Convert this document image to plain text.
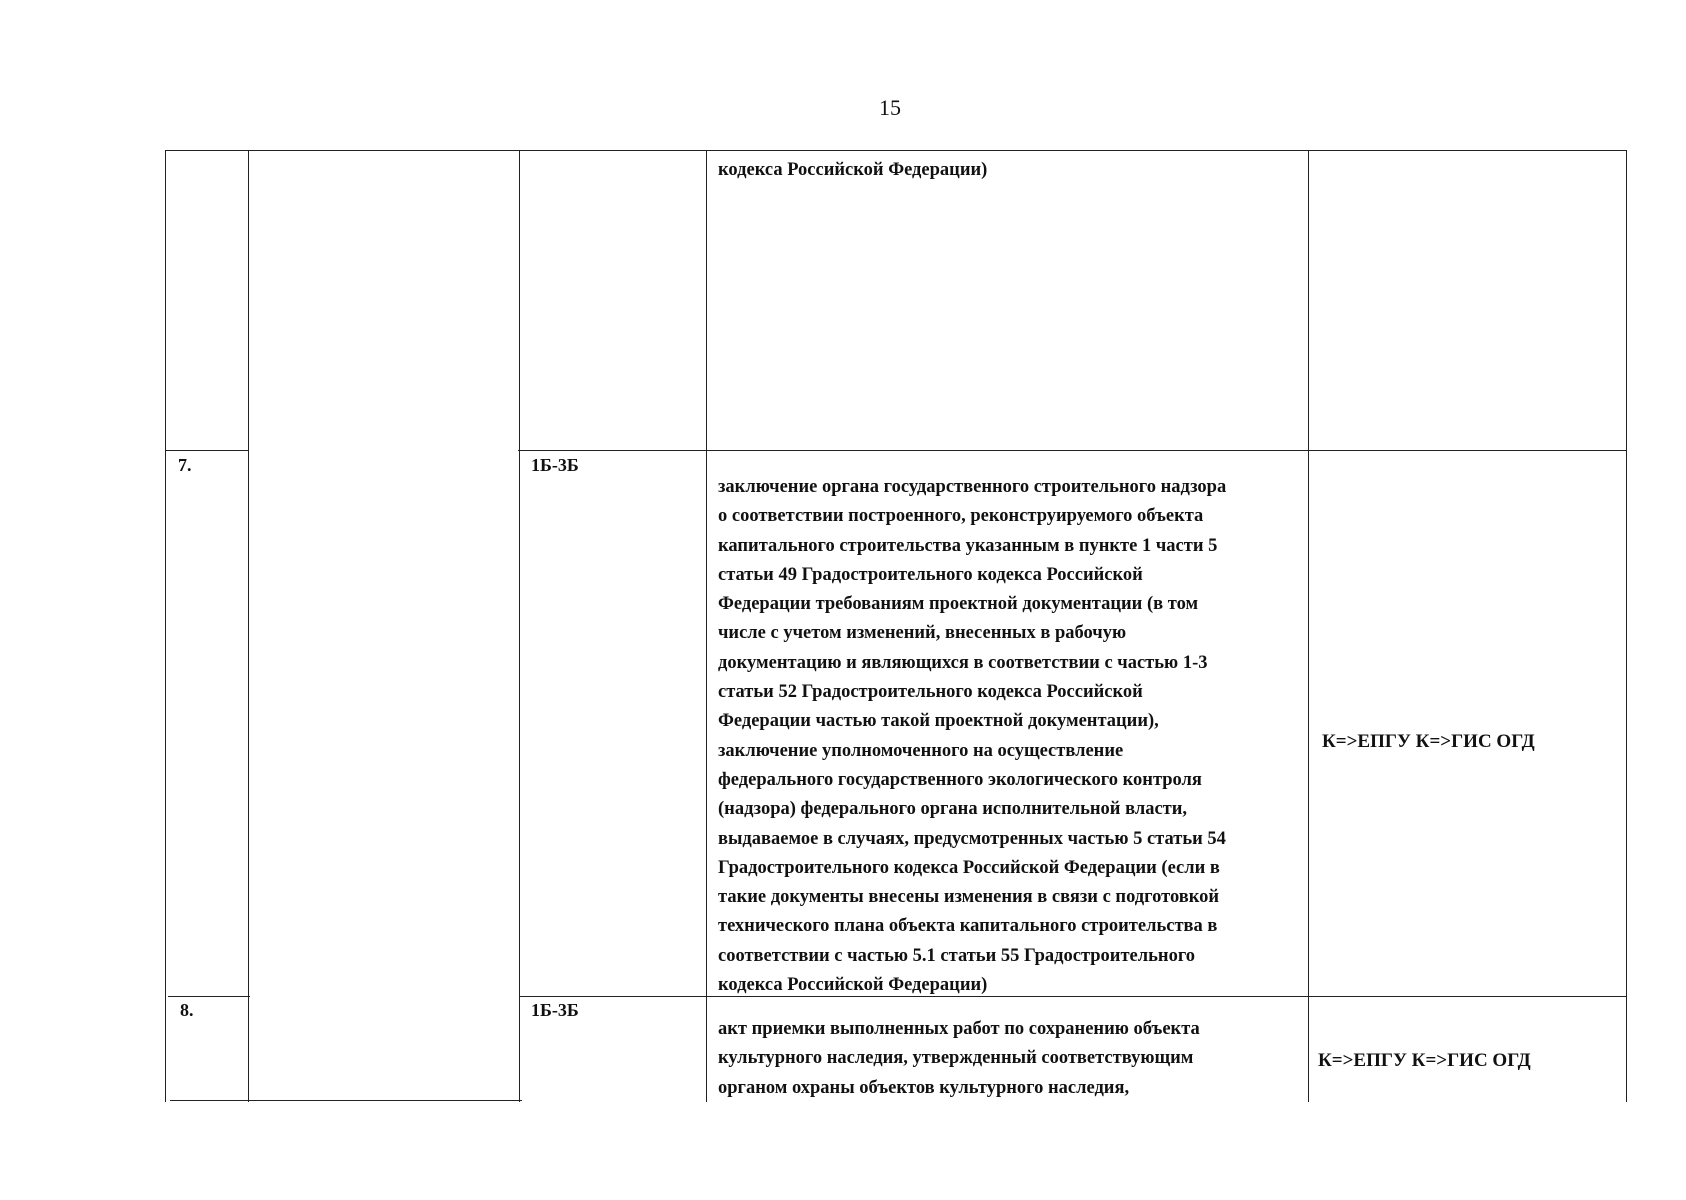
15
кодекса Российской Федерации)
7.	1Б-3Б
заключение органа государственного строительного надзора
о соответствии построенного, реконструируемого объекта
капитального строительства указанным в пункте 1 части 5
статьи 49 Градостроительного кодекса Российской
Федерации требованиям проектной документации (в том
числе с учетом изменений, внесенных в рабочую
документацию и являющихся в соответствии с частью 1-3
статьи 52 Градостроительного кодекса Российской
Федерации частью такой проектной документации),
заключение уполномоченного на осуществление
федерального государственного экологического контроля
(надзора) федерального органа исполнительной власти,
выдаваемое в случаях, предусмотренных частью 5 статьи 54
Градостроительного кодекса Российской Федерации (если в
такие документы внесены изменения в связи с подготовкой
технического плана объекта капитального строительства в
соответствии с частью 5.1 статьи 55 Градостроительного
кодекса Российской Федерации)
К=>ЕПГУ К=>ГИС ОГД
8.	1Б-3Б
акт приемки выполненных работ по сохранению объекта
культурного наследия, утвержденный соответствующим
органом охраны объектов культурного наследия,
К=>ЕПГУ К=>ГИС ОГД
